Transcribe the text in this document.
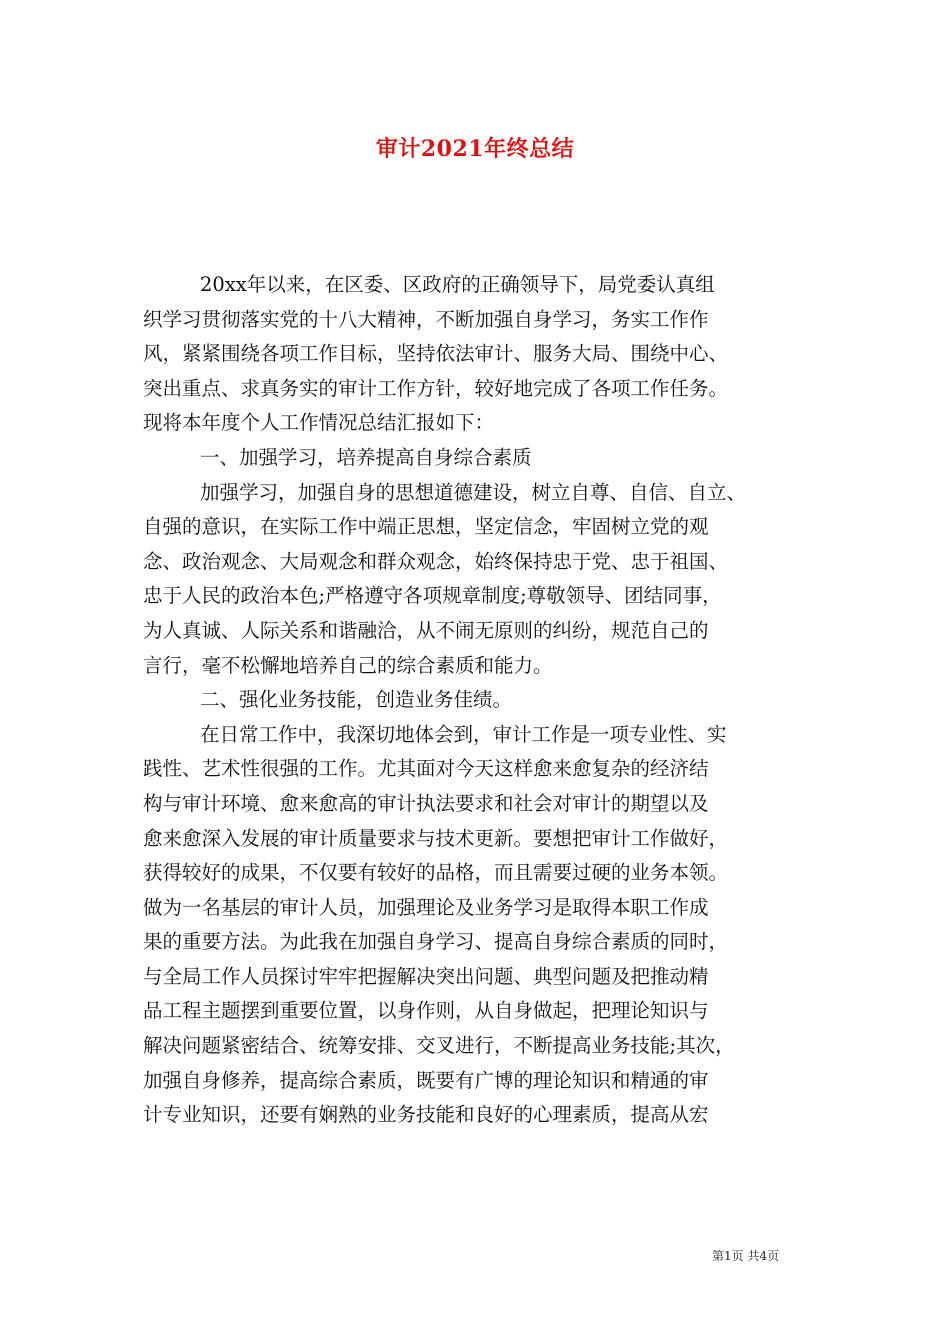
审计2021年终总结
20xx年以来，在区委、区政府的正确领导下，局党委认真组
织学习贯彻落实党的十八大精神，不断加强自身学习，务实工作作
风，紧紧围绕各项工作目标，坚持依法审计、服务大局、围绕中心、
突出重点、求真务实的审计工作方针，较好地完成了各项工作任务。
现将本年度个人工作情况总结汇报如下：
一、加强学习，培养提高自身综合素质
加强学习，加强自身的思想道德建设，树立自尊、自信、自立、
自强的意识，在实际工作中端正思想，坚定信念，牢固树立党的观
念、政治观念、大局观念和群众观念，始终保持忠于党、忠于祖国、
忠于人民的政治本色;严格遵守各项规章制度;尊敬领导、团结同事，
为人真诚、人际关系和谐融洽，从不闹无原则的纠纷，规范自己的
言行，毫不松懈地培养自己的综合素质和能力。
二、强化业务技能，创造业务佳绩。
在日常工作中，我深切地体会到，审计工作是一项专业性、实
践性、艺术性很强的工作。尤其面对今天这样愈来愈复杂的经济结
构与审计环境、愈来愈高的审计执法要求和社会对审计的期望以及
愈来愈深入发展的审计质量要求与技术更新。要想把审计工作做好，
获得较好的成果，不仅要有较好的品格，而且需要过硬的业务本领。
做为一名基层的审计人员，加强理论及业务学习是取得本职工作成
果的重要方法。为此我在加强自身学习、提高自身综合素质的同时，
与全局工作人员探讨牢牢把握解决突出问题、典型问题及把推动精
品工程主题摆到重要位置，以身作则，从自身做起，把理论知识与
解决问题紧密结合、统筹安排、交叉进行，不断提高业务技能;其次，
加强自身修养，提高综合素质，既要有广博的理论知识和精通的审
计专业知识，还要有娴熟的业务技能和良好的心理素质，提高从宏
第1页 共4页
